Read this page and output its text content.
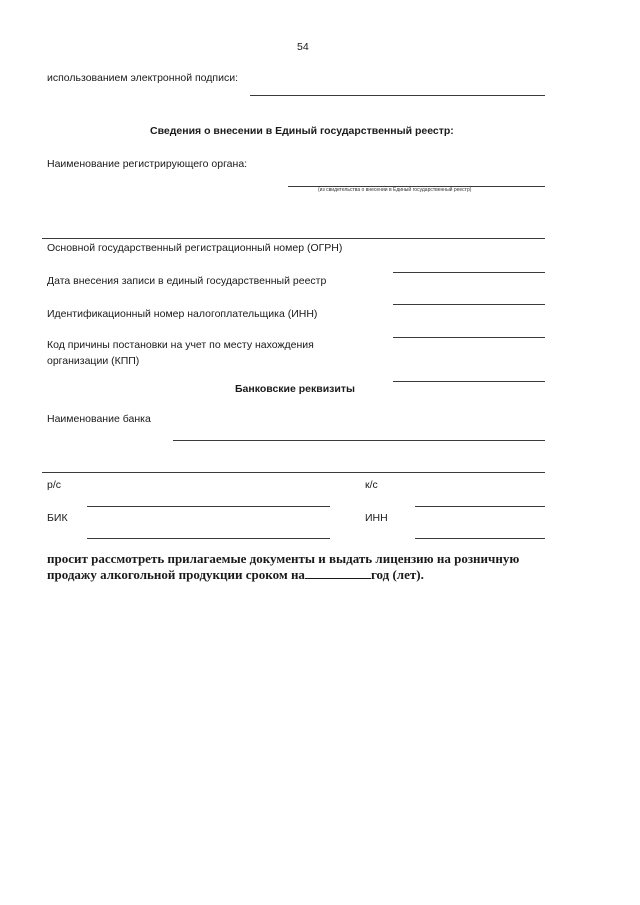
54
использованием электронной подписи:
Сведения о внесении в Единый государственный реестр:
Наименование регистрирующего органа:
(из свидетельства о внесении в Единый государственный реестр)
Основной государственный регистрационный номер (ОГРН)
Дата внесения записи в единый государственный реестр
Идентификационный номер налогоплательщика (ИНН)
Код причины постановки на учет по месту нахождения
организации (КПП)
Банковские реквизиты
Наименование банка
р/с	к/с
БИК	ИНН
просит рассмотреть прилагаемые документы и выдать лицензию на розничную
продажу алкогольной продукции сроком на	год (лет).
